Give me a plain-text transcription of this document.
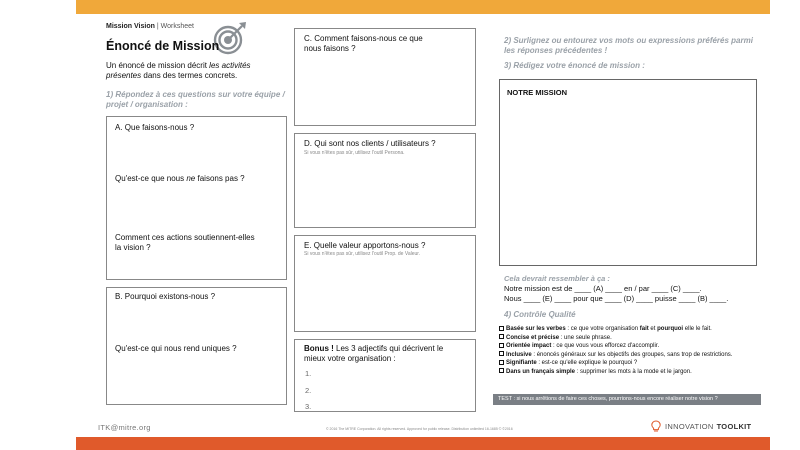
Mission Vision | Worksheet
Énoncé de Mission
Un énoncé de mission décrit les activités présentes dans des termes concrets.
1) Répondez à ces questions sur votre équipe / projet / organisation :
A. Que faisons-nous ?
Qu'est-ce que nous ne faisons pas ?
Comment ces actions soutiennent-elles la vision ?
B. Pourquoi existons-nous ?
Qu'est-ce qui nous rend uniques ?
C. Comment faisons-nous ce que nous faisons ?
D. Qui sont nos clients / utilisateurs ?
Si vous n'êtes pas sûr, utilisez l'outil Persona.
E. Quelle valeur apportons-nous ?
Si vous n'êtes pas sûr, utilisez l'outil Prop. de Valeur.
Bonus ! Les 3 adjectifs qui décrivent le mieux votre organisation :
1.
2.
3.
2) Surlignez ou entourez vos mots ou expressions préférés parmi les réponses précédentes !
3) Rédigez votre énoncé de mission :
NOTRE MISSION
Cela devrait ressembler à ça :
Notre mission est de ____ (A) ____ en / par ____ (C) ____.
Nous ____ (E) ____ pour que ____ (D) ____ puisse ____ (B) ____.
4) Contrôle Qualité
Basée sur les verbes : ce que votre organisation fait et pourquoi elle le fait.
Concise et précise : une seule phrase.
Orientée impact : ce que vous vous efforcez d'accomplir.
Inclusive : énoncés généraux sur les objectifs des groupes, sans trop de restrictions.
Signifiante : est-ce qu'elle explique le pourquoi ?
Dans un français simple : supprimer les mots à la mode et le jargon.
TEST : si nous arrêtions de faire ces choses, pourrions-nous encore réaliser notre vision ?
ITK@mitre.org	© 2016 The MITRE Corporation. All rights reserved. Approved for public release. Distribution unlimited 16-1685 © ©2016	INNOVATION TOOLKIT
